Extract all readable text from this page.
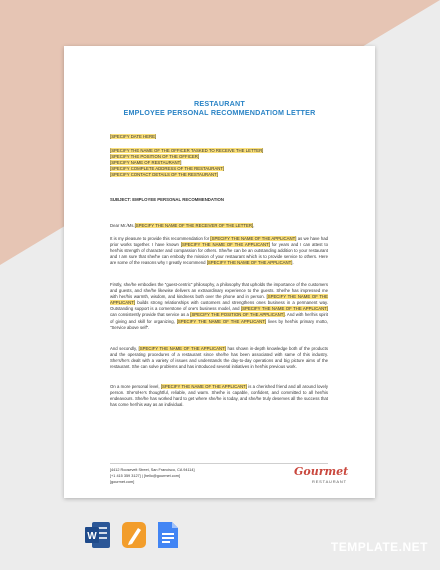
RESTAURANT
EMPLOYEE PERSONAL RECOMMENDATIOM LETTER
[SPECIFY DATE HERE]
[SPECIFY THE NAME OF THE OFFICER TASKED TO RECEIVE THE LETTER]
[SPECIFY THE POSITION OF THE OFFICER]
[SPECIFY NAME OF RESTAURANT]
[SPECIFY COMPLETE ADDRESS OF THE RESTAURANT]
[SPECIFY CONTACT DETAILS OF THE RESTAURANT]
SUBJECT: EMPLOYEE PERSONAL RECOMMENDATION
Dear Mr./Ms.[SPECIFY THE NAME OF THE RECEIVER OF THE LETTER],
It is my pleasure to provide this recommendation for [SPECIFY THE NAME OF THE APPLICANT] as we have had prior works together. I have known [SPECIFY THE NAME OF THE APPLICANT] for years and I can attest to her/his strength of character and compassion for others. She/he can be an outstanding addition to your restaurant and I am sure that she/he can embody the mission of your restaurant which is to provide service to others. Here are some of the reasons why I greatly recommend [SPECIFY THE NAME OF THE APPLICANT].
Firstly, she/he embodies the "guest-centric" philosophy, a philosophy that upholds the importance of the customers and guests, and she/he likewise delivers an extraordinary experience to the guests. She/he has impressed me with her/his warmth, wisdom, and kindness both over the phone and in person. [SPECIFY THE NAME OF THE APPLICANT] builds strong relationships with customers and strengthens ones business in a permanent way. Outstanding support is a cornerstone of one's business model, and [SPECIFY THE NAME OF THE APPLICANT] can consistently provide that service as a [SPECIFY THE POSITION OF THE APPLICANT]. And with her/his spirit of giving and skill for organizing, [SPECIFY THE NAME OF THE APPLICANT] lives by her/his primary motto, "Service above self".
And secondly, [SPECIFY THE NAME OF THE APPLICANT] has shown in-depth knowledge both of the products and the operating procedures of a restaurant since she/he has been associated with same of this industry. She's/he's dealt with a variety of issues and understands the day-to-day operations and big picture aims of the restaurant. She can solve problems and has introduced several initiatives in her/his previous work.
On a more personal level, [SPECIFY THE NAME OF THE APPLICANT] is a cherished friend and all around lovely person. She's/He's thoughtful, reliable, and warm. She/he is capable, confident, and committed to all her/his endeavours. She/he has worked hard to get where she/he is today, and she/he truly deserves all the success that has come her/his way as an individual.
[4412 Roosevelt Street, San Francisco, CA 94114]
[+1 415 359 3127] | [hello@gourmet.com]
[gourmet.com]
Gourmet
RESTAURANT
W
TEMPLATE.NET
